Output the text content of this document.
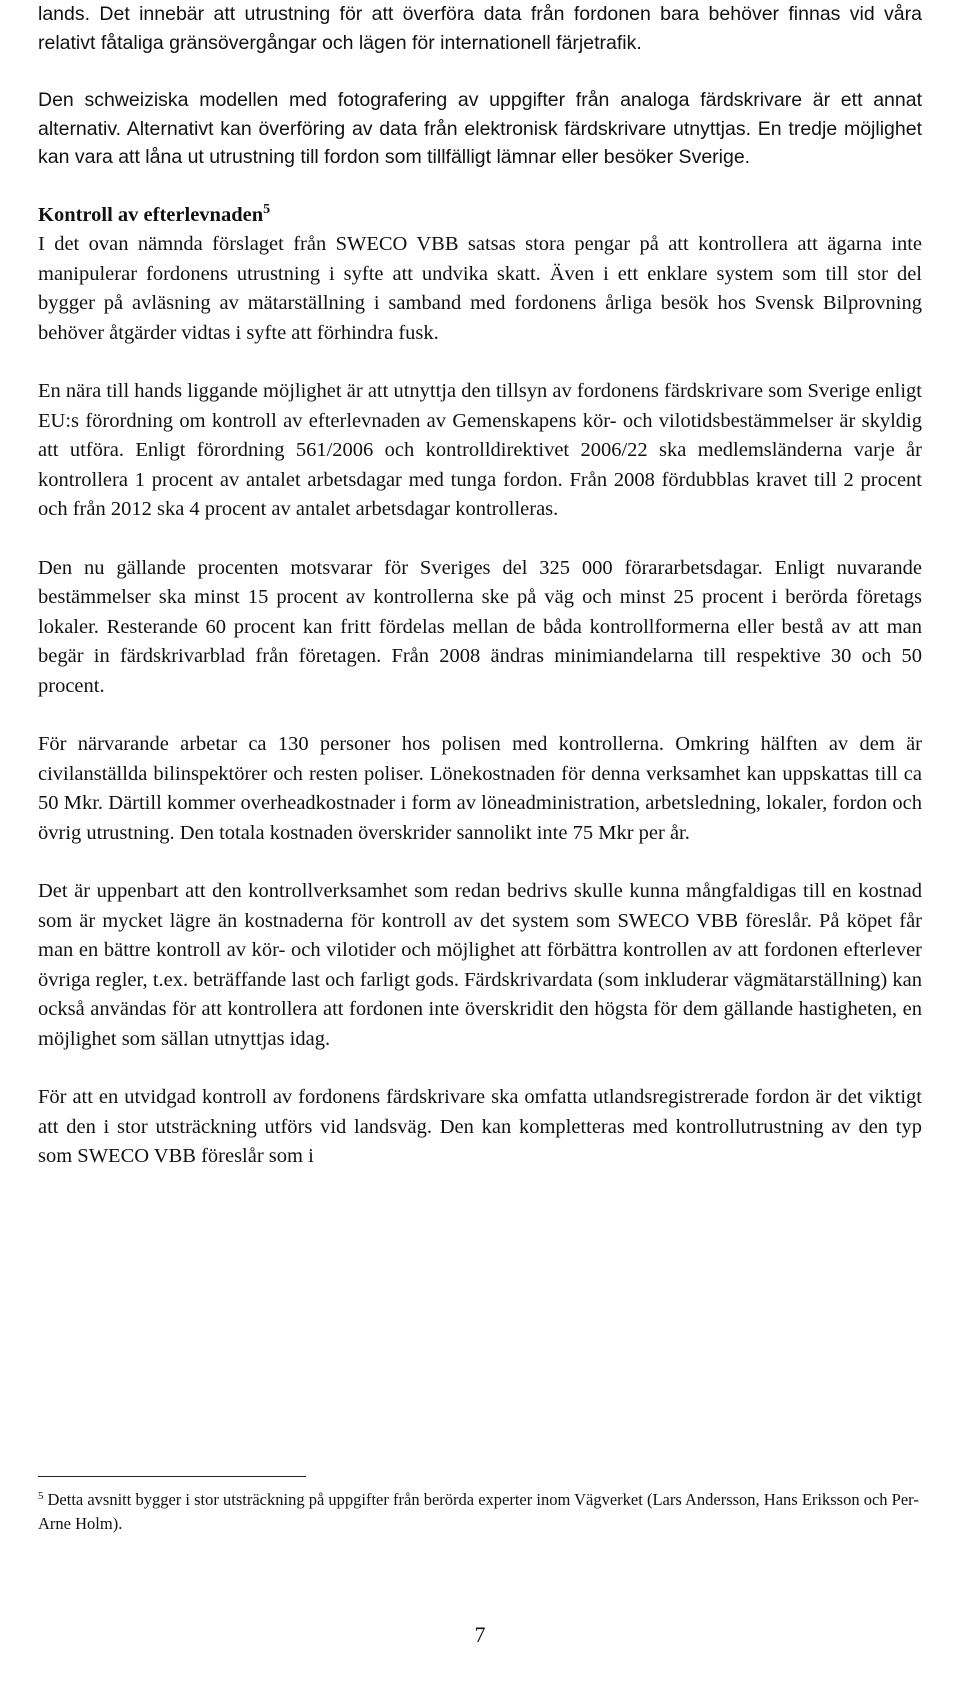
lands. Det innebär att utrustning för att överföra data från fordonen bara behöver finnas vid våra relativt fåtaliga gränsövergångar och lägen för internationell färjetrafik.

Den schweiziska modellen med fotografering av uppgifter från analoga färdskrivare är ett annat alternativ. Alternativt kan överföring av data från elektronisk färdskrivare utnyttjas. En tredje möjlighet kan vara att låna ut utrustning till fordon som tillfälligt lämnar eller besöker Sverige.

Kontroll av efterlevnaden$^5$

I det ovan nämnda förslaget från SWECO VBB satsas stora pengar på att kontrollera att ägarna inte manipulerar fordonens utrustning i syfte att undvika skatt. Även i ett enklare system som till stor del bygger på avläsning av mätarställning i samband med fordonens årliga besök hos Svensk Bilprovning behöver åtgärder vidtas i syfte att förhindra fusk.

En nära till hands liggande möjlighet är att utnyttja den tillsyn av fordonens färdskrivare som Sverige enligt EU:s förordning om kontroll av efterlevnaden av Gemenskapens kör- och vilotidsbestämmelser är skyldig att utföra. Enligt förordning 561/2006 och kontrolldirektivet 2006/22 ska medlemsländerna varje år kontrollera 1 procent av antalet arbetsdagar med tunga fordon. Från 2008 fördubblas kravet till 2 procent och från 2012 ska 4 procent av antalet arbetsdagar kontrolleras.

Den nu gällande procenten motsvarar för Sveriges del 325 000 förararbetsdagar. Enligt nuvarande bestämmelser ska minst 15 procent av kontrollerna ske på väg och minst 25 procent i berörda företags lokaler. Resterande 60 procent kan fritt fördelas mellan de båda kontrollformerna eller bestå av att man begär in färdskrivarblad från företagen. Från 2008 ändras minimiandelarna till respektive 30 och 50 procent.

För närvarande arbetar ca 130 personer hos polisen med kontrollerna. Omkring hälften av dem är civilanställda bilinspektörer och resten poliser. Lönekostnaden för denna verksamhet kan uppskattas till ca 50 Mkr. Därtill kommer overheadkostnader i form av löneadministration, arbetsledning, lokaler, fordon och övrig utrustning. Den totala kostnaden överskrider sannolikt inte 75 Mkr per år.

Det är uppenbart att den kontrollverksamhet som redan bedrivs skulle kunna mångfaldigas till en kostnad som är mycket lägre än kostnaderna för kontroll av det system som SWECO VBB föreslår. På köpet får man en bättre kontroll av kör- och vilotider och möjlighet att förbättra kontrollen av att fordonen efterlever övriga regler, t.ex. beträffande last och farligt gods. Färdskrivardata (som inkluderar vägmätarställning) kan också användas för att kontrollera att fordonen inte överskridit den högsta för dem gällande hastigheten, en möjlighet som sällan utnyttjas idag.

För att en utvidgad kontroll av fordonens färdskrivare ska omfatta utlandsregistrerade fordon är det viktigt att den i stor utsträckning utförs vid landsväg. Den kan kompletteras med kontrollutrustning av den typ som SWECO VBB föreslår som i

$^5$ Detta avsnitt bygger i stor utsträckning på uppgifter från berörda experter inom Vägverket (Lars Andersson, Hans Eriksson och Per-Arne Holm).

7
